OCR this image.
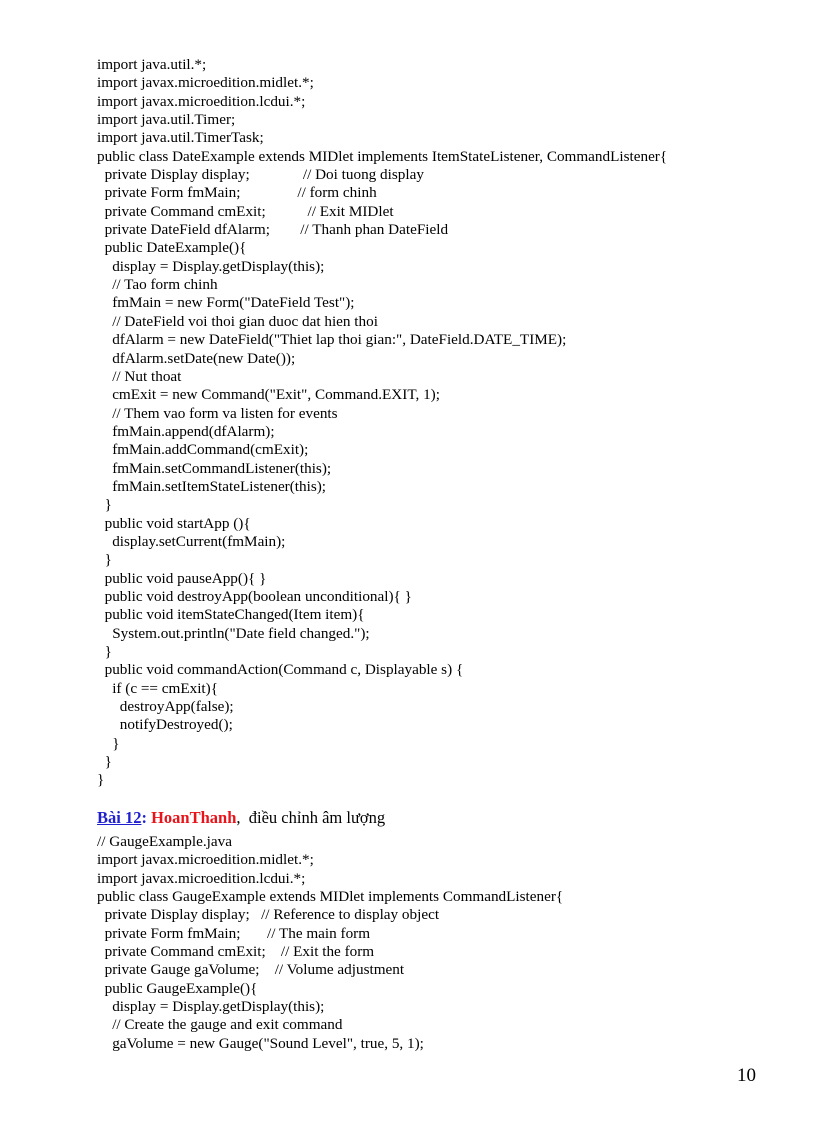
import java.util.*;
import javax.microedition.midlet.*;
import javax.microedition.lcdui.*;
import java.util.Timer;
import java.util.TimerTask;
public class DateExample extends MIDlet implements ItemStateListener, CommandListener{
private Display display;              // Doi tuong display
private Form fmMain;               // form chinh
private Command cmExit;           // Exit MIDlet
private DateField dfAlarm;        // Thanh phan DateField
public DateExample(){
display = Display.getDisplay(this);
// Tao form chinh
fmMain = new Form("DateField Test");
// DateField voi thoi gian duoc dat hien thoi
dfAlarm = new DateField("Thiet lap thoi gian:", DateField.DATE_TIME);
dfAlarm.setDate(new Date());
// Nut thoat
cmExit = new Command("Exit", Command.EXIT, 1);
// Them vao form va listen for events
fmMain.append(dfAlarm);
fmMain.addCommand(cmExit);
fmMain.setCommandListener(this);
fmMain.setItemStateListener(this);
}
public void startApp (){
display.setCurrent(fmMain);
}
public void pauseApp(){ }
public void destroyApp(boolean unconditional){ }
public void itemStateChanged(Item item){
System.out.println("Date field changed.");
}
public void commandAction(Command c, Displayable s) {
if (c == cmExit){
destroyApp(false);
notifyDestroyed();
}
}
}
Bài 12: HoanThanh,  điều chỉnh âm lượng
// GaugeExample.java
import javax.microedition.midlet.*;
import javax.microedition.lcdui.*;
public class GaugeExample extends MIDlet implements CommandListener{
private Display display;   // Reference to display object
private Form fmMain;       // The main form
private Command cmExit;    // Exit the form
private Gauge gaVolume;    // Volume adjustment
public GaugeExample(){
display = Display.getDisplay(this);
// Create the gauge and exit command
gaVolume = new Gauge("Sound Level", true, 5, 1);
10
